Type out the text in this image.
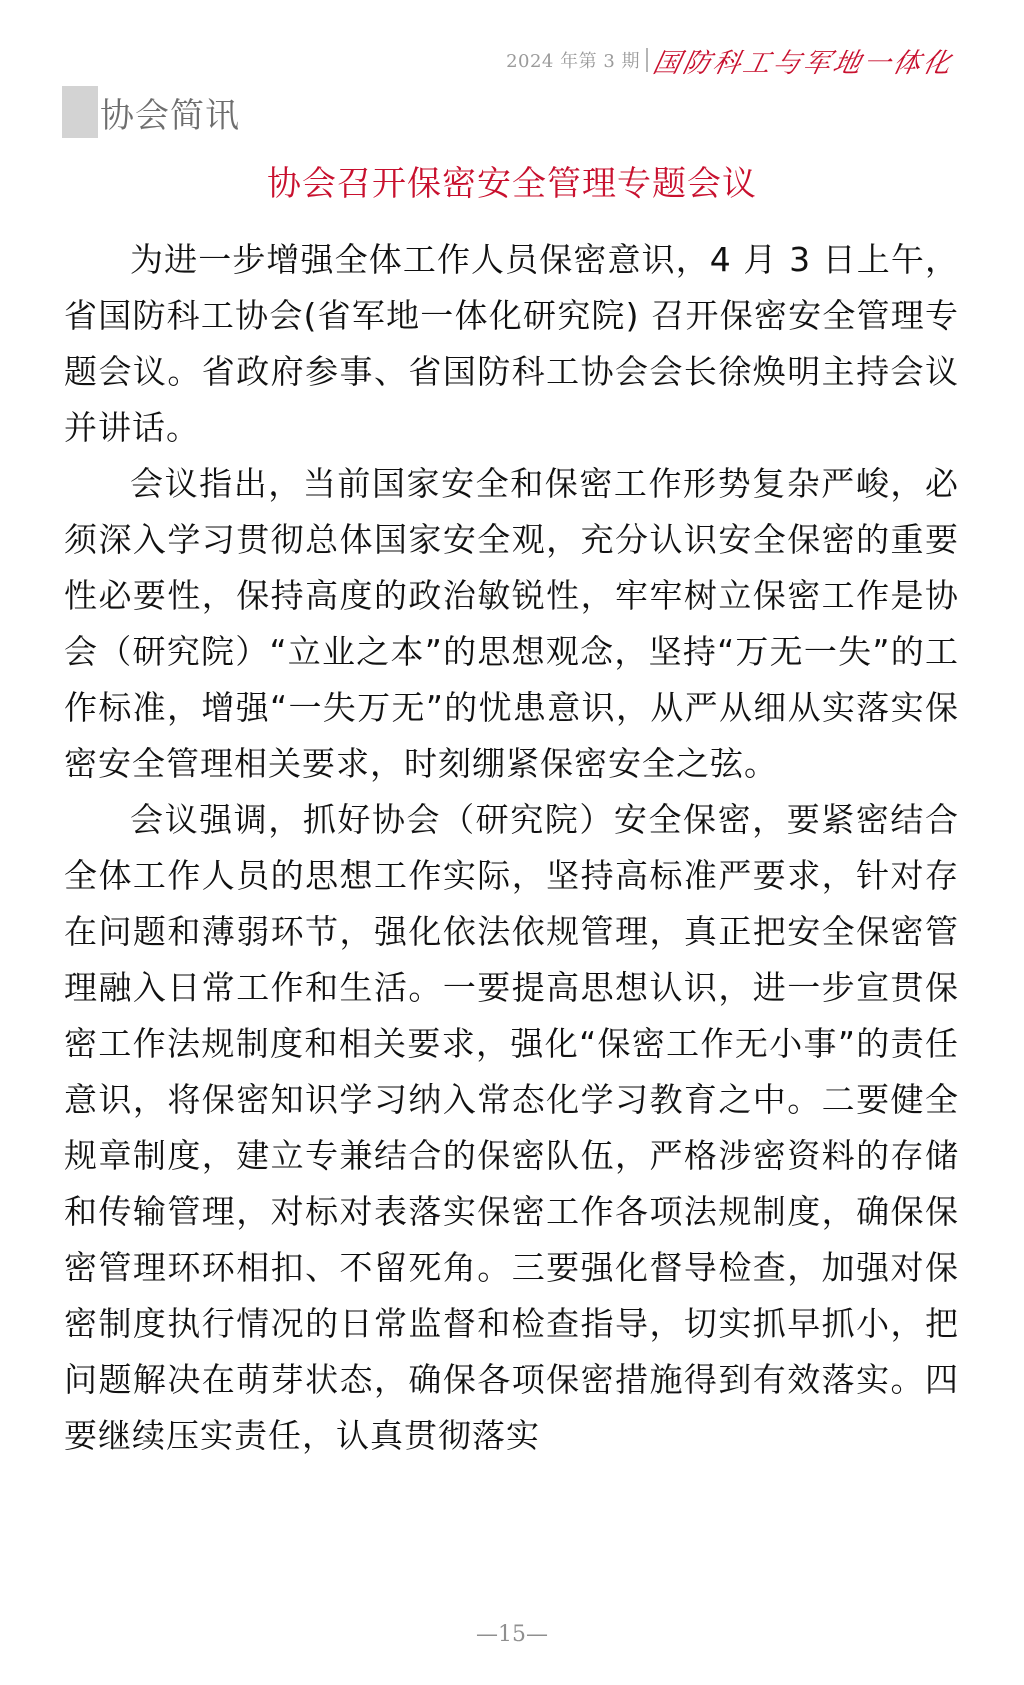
2024 年第 3 期 国防科工与军地一体化
协会简讯
协会召开保密安全管理专题会议

为进一步增强全体工作人员保密意识，4 月 3 日上午，省国防科工协会(省军地一体化研究院) 召开保密安全管理专题会议。省政府参事、省国防科工协会会长徐焕明主持会议并讲话。

会议指出，当前国家安全和保密工作形势复杂严峻，必须深入学习贯彻总体国家安全观，充分认识安全保密的重要性必要性，保持高度的政治敏锐性，牢牢树立保密工作是协会（研究院）“立业之本”的思想观念，坚持“万无一失”的工作标准，增强“一失万无”的忧患意识，从严从细从实落实保密安全管理相关要求，时刻绷紧保密安全之弦。

会议强调，抓好协会（研究院）安全保密，要紧密结合全体工作人员的思想工作实际，坚持高标准严要求，针对存在问题和薄弱环节，强化依法依规管理，真正把安全保密管理融入日常工作和生活。一要提高思想认识，进一步宣贯保密工作法规制度和相关要求，强化“保密工作无小事”的责任意识，将保密知识学习纳入常态化学习教育之中。二要健全规章制度，建立专兼结合的保密队伍，严格涉密资料的存储和传输管理，对标对表落实保密工作各项法规制度，确保保密管理环环相扣、不留死角。三要强化督导检查，加强对保密制度执行情况的日常监督和检查指导，切实抓早抓小，把问题解决在萌芽状态，确保各项保密措施得到有效落实。四要继续压实责任，认真贯彻落实

—15—
